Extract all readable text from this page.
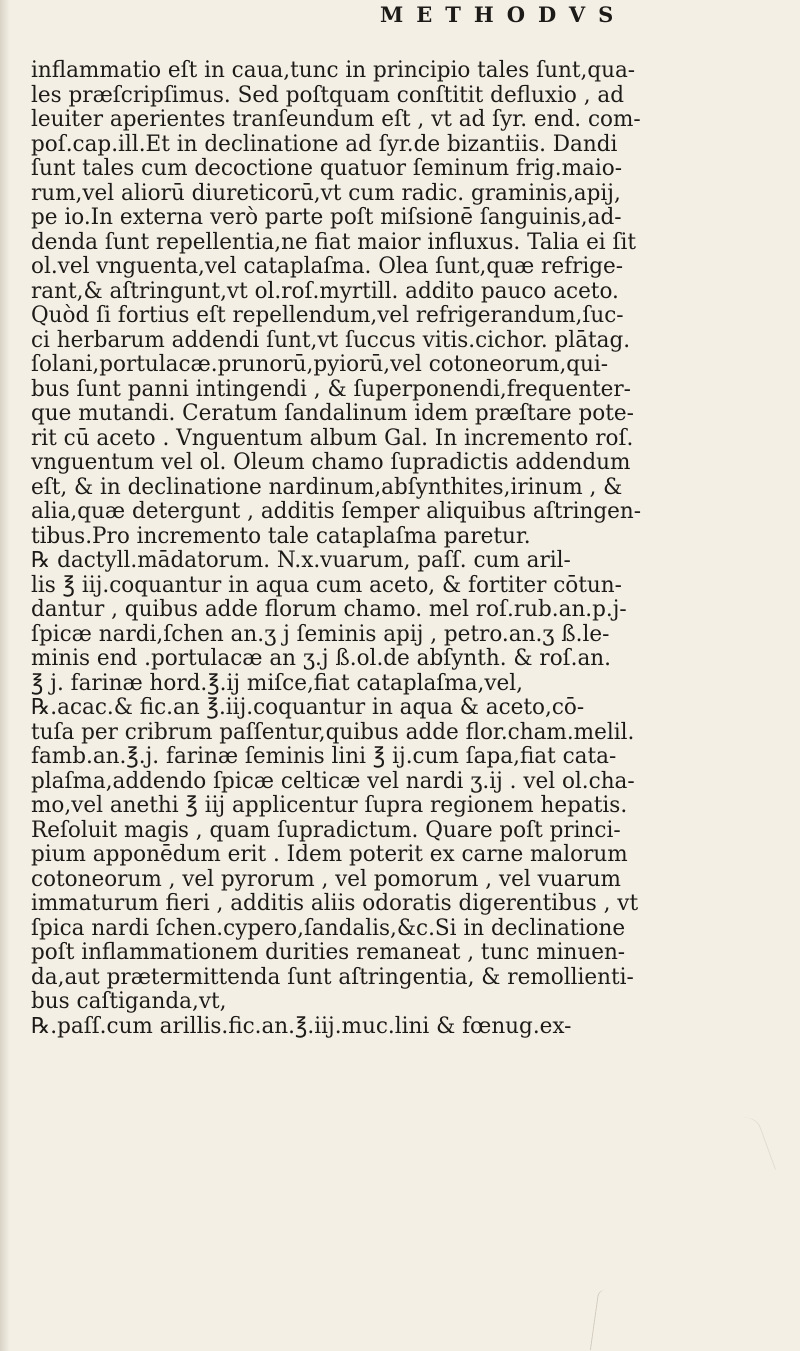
METHODVS
inflammatio eſt in caua,tunc in principio tales ſunt,qua-
les præſcripſimus. Sed poſtquam conſtitit defluxio , ad
leuiter aperientes tranſeundum eſt , vt ad ſyr. end. com-
poſ.cap.ill.Et in declinatione ad ſyr.de bizantiis. Dandi
ſunt tales cum decoctione quatuor ſeminum frig.maio-
rum,vel aliorū diureticorū,vt cum radic. graminis,apij,
pe io.In externa verò parte poſt miſsionē ſanguinis,ad-
denda ſunt repellentia,ne fiat maior influxus. Talia ei ſit
ol.vel vnguenta,vel cataplaſma. Olea ſunt,quæ refrige-
rant,& aſtringunt,vt ol.roſ.myrtill. addito pauco aceto.
Quòd ſi fortius eſt repellendum,vel refrigerandum,ſuc-
ci herbarum addendi ſunt,vt ſuccus vitis.cichor. plātag.
ſolani,portulacæ.prunorū,pyiorū,vel cotoneorum,qui-
bus ſunt panni intingendi , & ſuperponendi,frequenter-
que mutandi. Ceratum ſandalinum idem præſtare pote-
rit cū aceto . Vnguentum album Gal. In incremento roſ.
vnguentum vel ol. Oleum chamo ſupradictis addendum
eſt, & in declinatione nardinum,abſynthites,irinum , &
alia,quæ detergunt , additis ſemper aliquibus aſtringen-
tibus.Pro incremento tale cataplaſma paretur.
℞ dactyll.mādatorum. N.x.vuarum, paſſ. cum aril-
lis ℥ iij.coquantur in aqua cum aceto, & fortiter cōtun-
dantur , quibus adde florum chamo. mel roſ.rub.an.p.j-
ſpicæ nardi,ſchen an.ʒ j ſeminis apij , petro.an.ʒ ß.le-
minis end .portulacæ an ʒ.j ß.ol.de abſynth. & roſ.an.
℥ j. farinæ hord.℥.ij miſce,fiat cataplaſma,vel,
℞.acac.& fic.an ℥.iij.coquantur in aqua & aceto,cō-
tuſa per cribrum paſſentur,quibus adde flor.cham.melil.
famb.an.℥.j. farinæ ſeminis lini ℥ ij.cum ſapa,fiat cata-
plaſma,addendo ſpicæ celticæ vel nardi ʒ.ij . vel ol.cha-
mo,vel anethi ℥ iij applicentur ſupra regionem hepatis.
Reſoluit magis , quam ſupradictum. Quare poſt princi-
pium apponēdum erit . Idem poterit ex carne malorum
cotoneorum , vel pyrorum , vel pomorum , vel vuarum
immaturum fieri , additis aliis odoratis digerentibus , vt
ſpica nardi ſchen.cypero,ſandalis,&c.Si in declinatione
poſt inflammationem durities remaneat , tunc minuen-
da,aut prætermittenda ſunt aſtringentia, & remollienti-
bus caſtiganda,vt,
℞.paſſ.cum arillis.fic.an.℥.iij.muc.lini & fœnug.ex-
